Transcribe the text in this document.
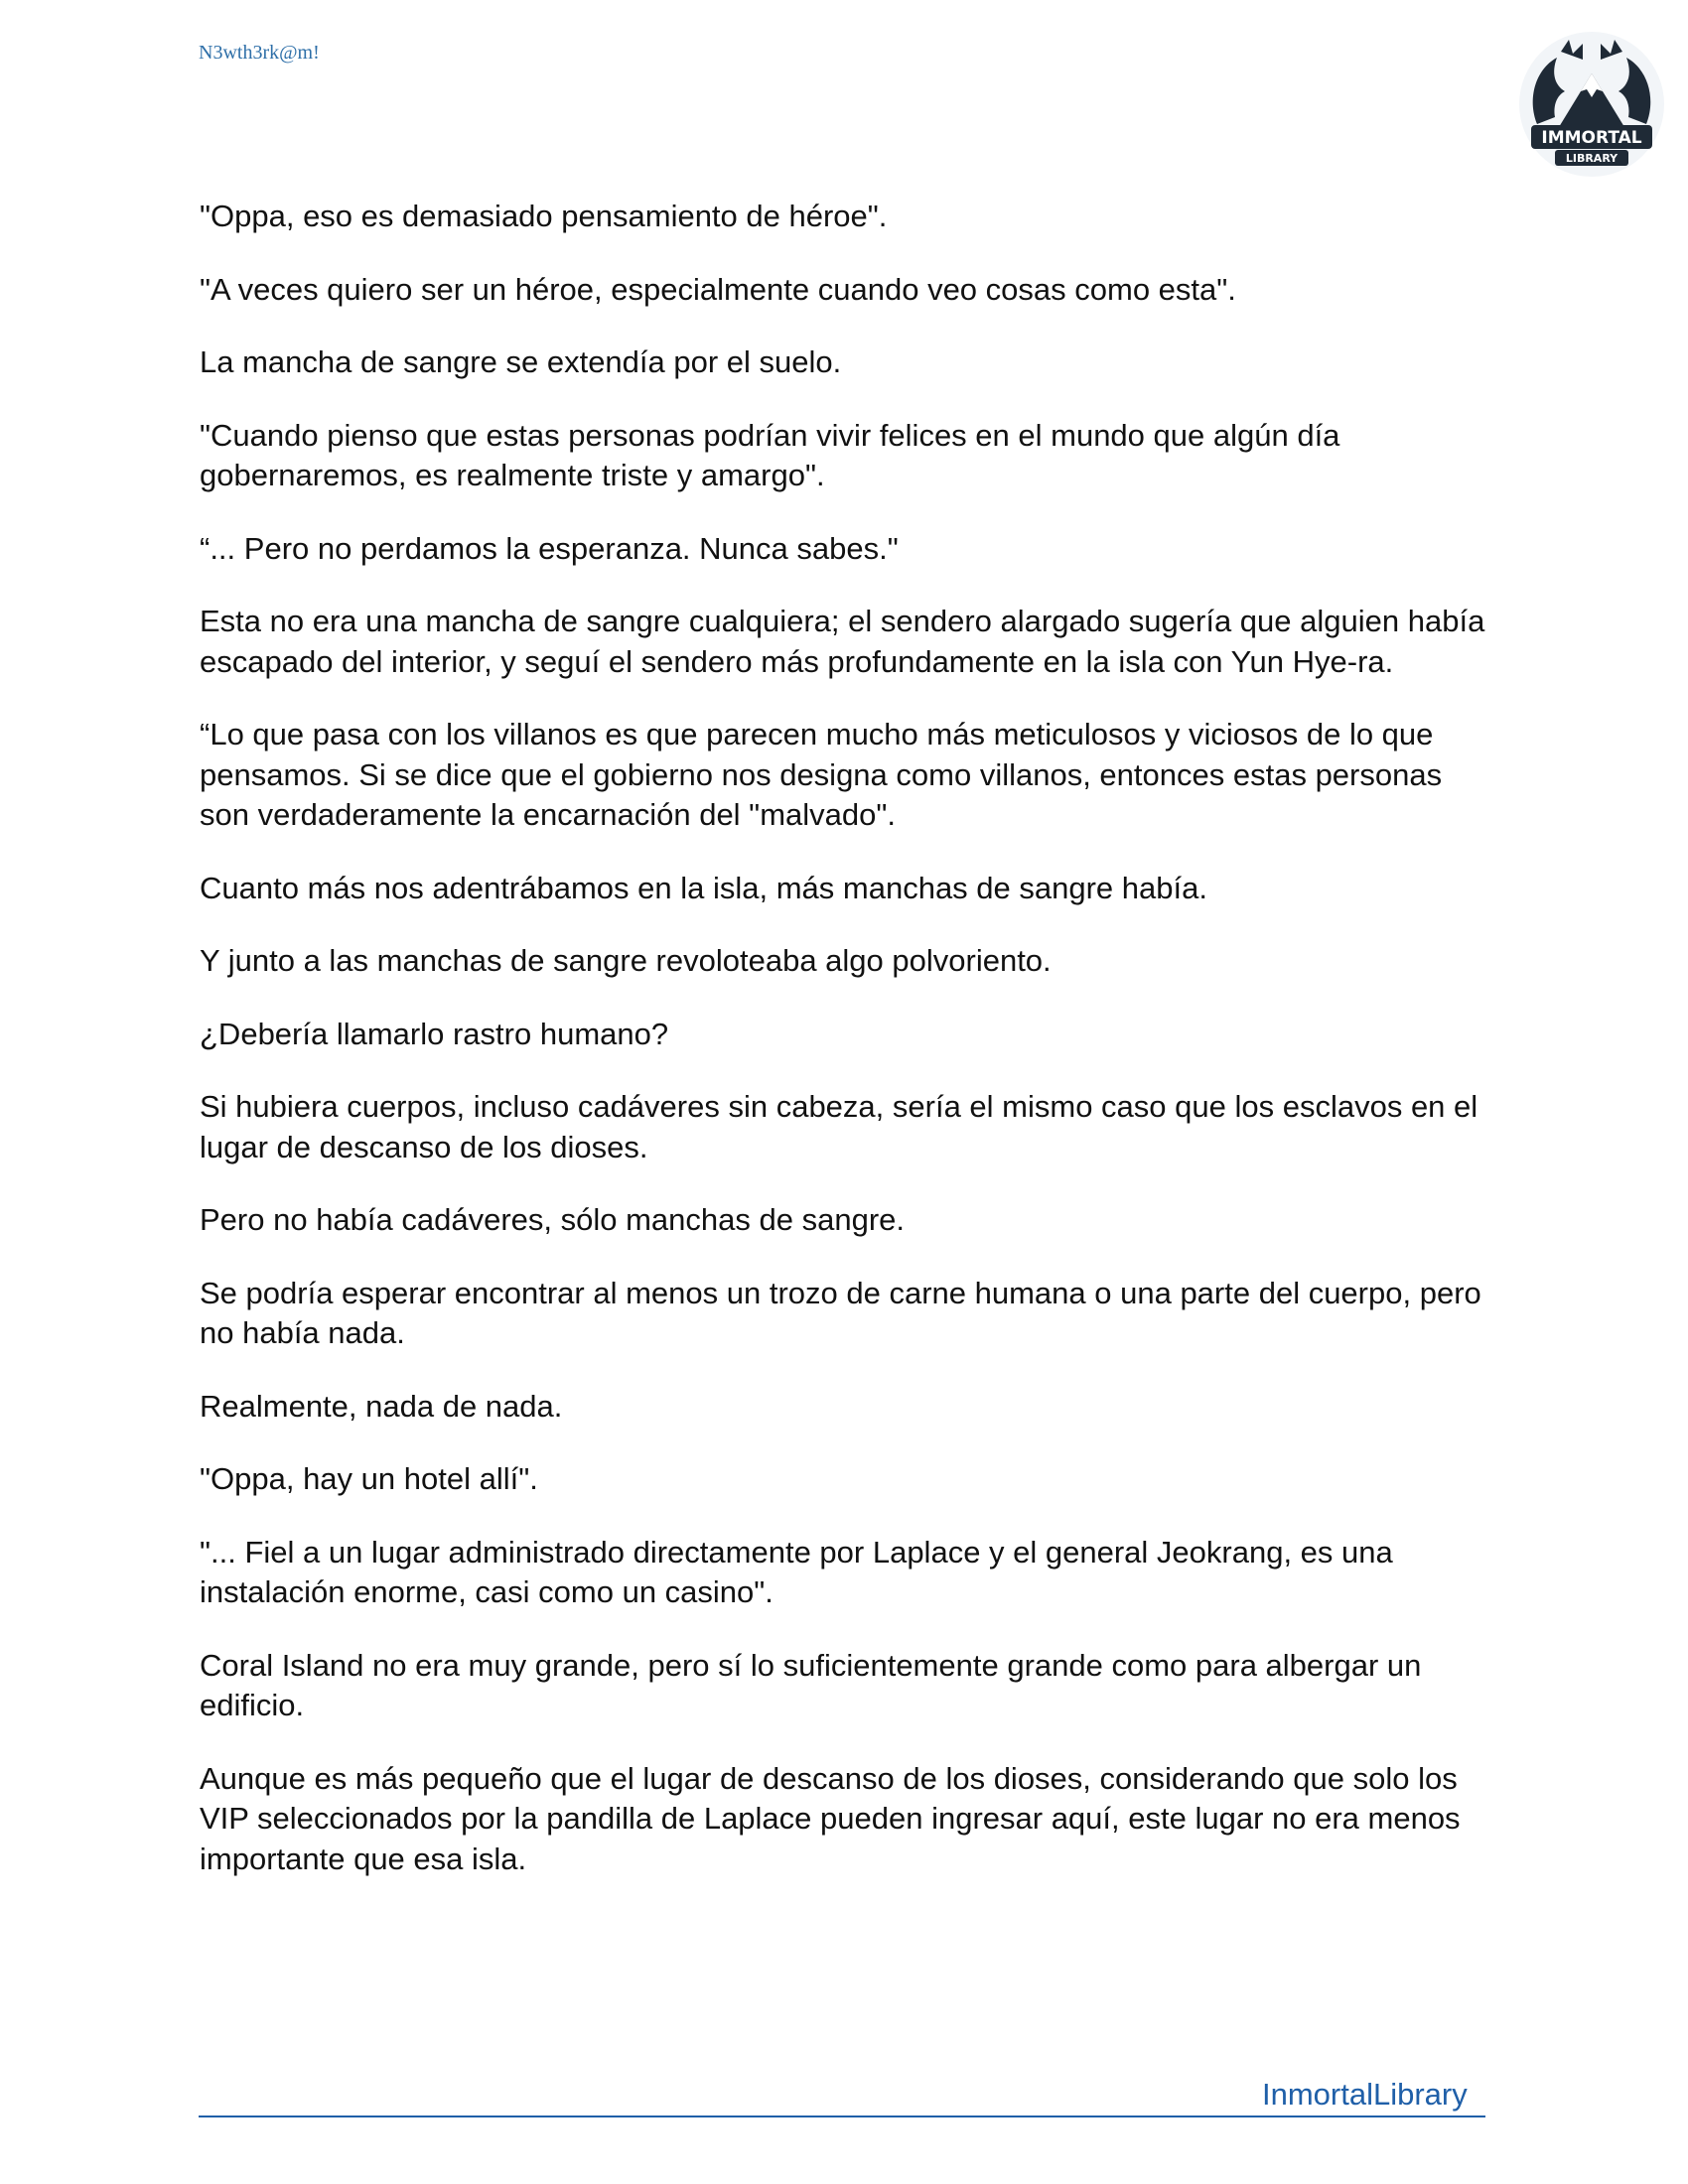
N3wth3rk@m!
IMMORTAL
LIBRARY

"Oppa, eso es demasiado pensamiento de héroe".

"A veces quiero ser un héroe, especialmente cuando veo cosas como esta".

La mancha de sangre se extendía por el suelo.

"Cuando pienso que estas personas podrían vivir felices en el mundo que algún día gobernaremos, es realmente triste y amargo".

“... Pero no perdamos la esperanza. Nunca sabes."

Esta no era una mancha de sangre cualquiera; el sendero alargado sugería que alguien había escapado del interior, y seguí el sendero más profundamente en la isla con Yun Hye-ra.

“Lo que pasa con los villanos es que parecen mucho más meticulosos y viciosos de lo que pensamos. Si se dice que el gobierno nos designa como villanos, entonces estas personas son verdaderamente la encarnación del "malvado".

Cuanto más nos adentrábamos en la isla, más manchas de sangre había.

Y junto a las manchas de sangre revoloteaba algo polvoriento.

¿Debería llamarlo rastro humano?

Si hubiera cuerpos, incluso cadáveres sin cabeza, sería el mismo caso que los esclavos en el lugar de descanso de los dioses.

Pero no había cadáveres, sólo manchas de sangre.

Se podría esperar encontrar al menos un trozo de carne humana o una parte del cuerpo, pero no había nada.

Realmente, nada de nada.

"Oppa, hay un hotel allí".

"... Fiel a un lugar administrado directamente por Laplace y el general Jeokrang, es una instalación enorme, casi como un casino".

Coral Island no era muy grande, pero sí lo suficientemente grande como para albergar un edificio.

Aunque es más pequeño que el lugar de descanso de los dioses, considerando que solo los VIP seleccionados por la pandilla de Laplace pueden ingresar aquí, este lugar no era menos importante que esa isla.

InmortalLibrary
